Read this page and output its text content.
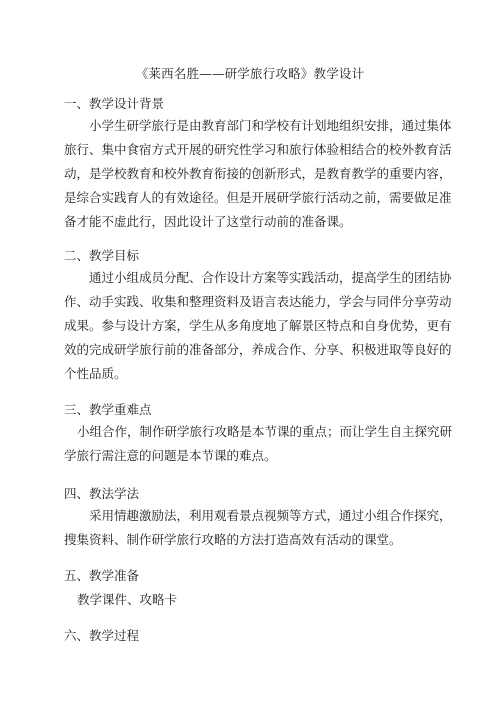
《莱西名胜——研学旅行攻略》教学设计
一、教学设计背景
小学生研学旅行是由教育部门和学校有计划地组织安排，通过集体
旅行、集中食宿方式开展的研究性学习和旅行体验相结合的校外教育活
动，是学校教育和校外教育衔接的创新形式，是教育教学的重要内容，
是综合实践育人的有效途径。但是开展研学旅行活动之前，需要做足准
备才能不虚此行，因此设计了这堂行动前的准备课。
二、教学目标
通过小组成员分配、合作设计方案等实践活动，提高学生的团结协
作、动手实践、收集和整理资料及语言表达能力，学会与同伴分享劳动
成果。参与设计方案，学生从多角度地了解景区特点和自身优势，更有
效的完成研学旅行前的准备部分，养成合作、分享、积极进取等良好的
个性品质。
三、教学重难点
小组合作，制作研学旅行攻略是本节课的重点；而让学生自主探究研
学旅行需注意的问题是本节课的难点。
四、教法学法
采用情趣激励法，利用观看景点视频等方式，通过小组合作探究，
搜集资料、制作研学旅行攻略的方法打造高效有活动的课堂。
五、教学准备
教学课件、攻略卡
六、教学过程
